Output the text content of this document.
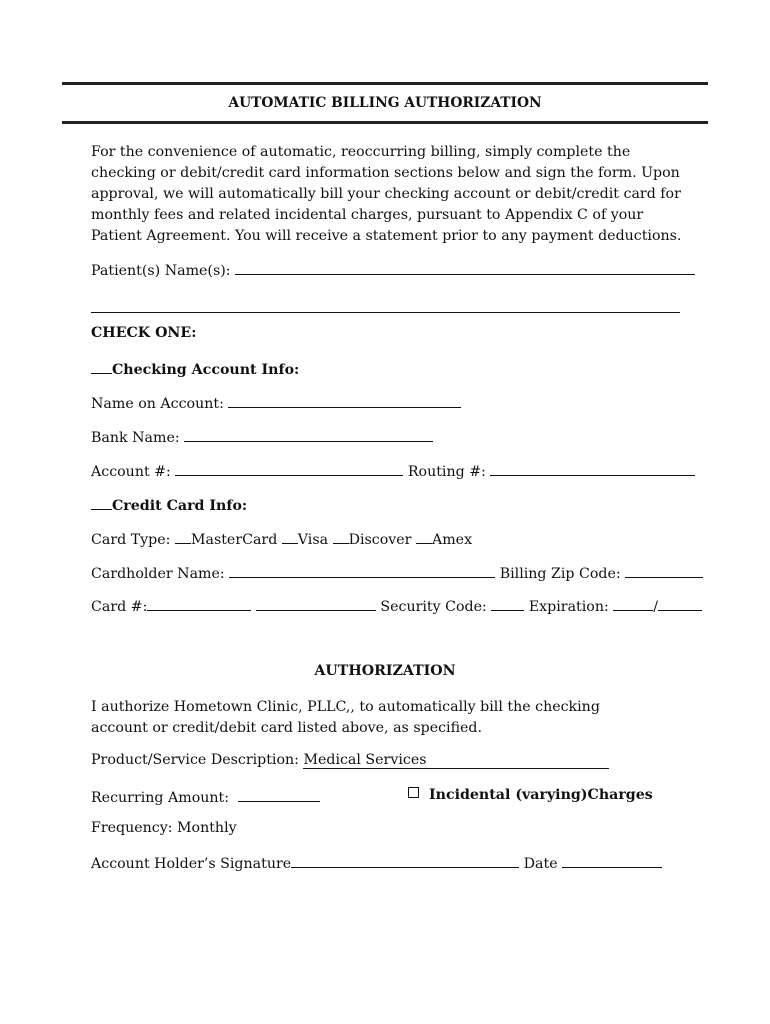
AUTOMATIC BILLING AUTHORIZATION
For the convenience of automatic, reoccurring billing, simply complete the checking or debit/credit card information sections below and sign the form. Upon approval, we will automatically bill your checking account or debit/credit card for monthly fees and related incidental charges, pursuant to Appendix C of your Patient Agreement. You will receive a statement prior to any payment deductions.
Patient(s) Name(s):
CHECK ONE:
Checking Account Info:
Name on Account:
Bank Name:
Account #:	Routing #:
Credit Card Info:
Card Type: MasterCard Visa Discover Amex
Cardholder Name:	Billing Zip Code:
Card #:	Security Code:	Expiration:	/
AUTHORIZATION
I authorize Hometown Clinic, PLLC,, to automatically bill the checking account or credit/debit card listed above, as specified.
Product/Service Description: Medical Services
Recurring Amount:	Incidental (varying)Charges
Frequency: Monthly
Account Holder’s Signature	Date
